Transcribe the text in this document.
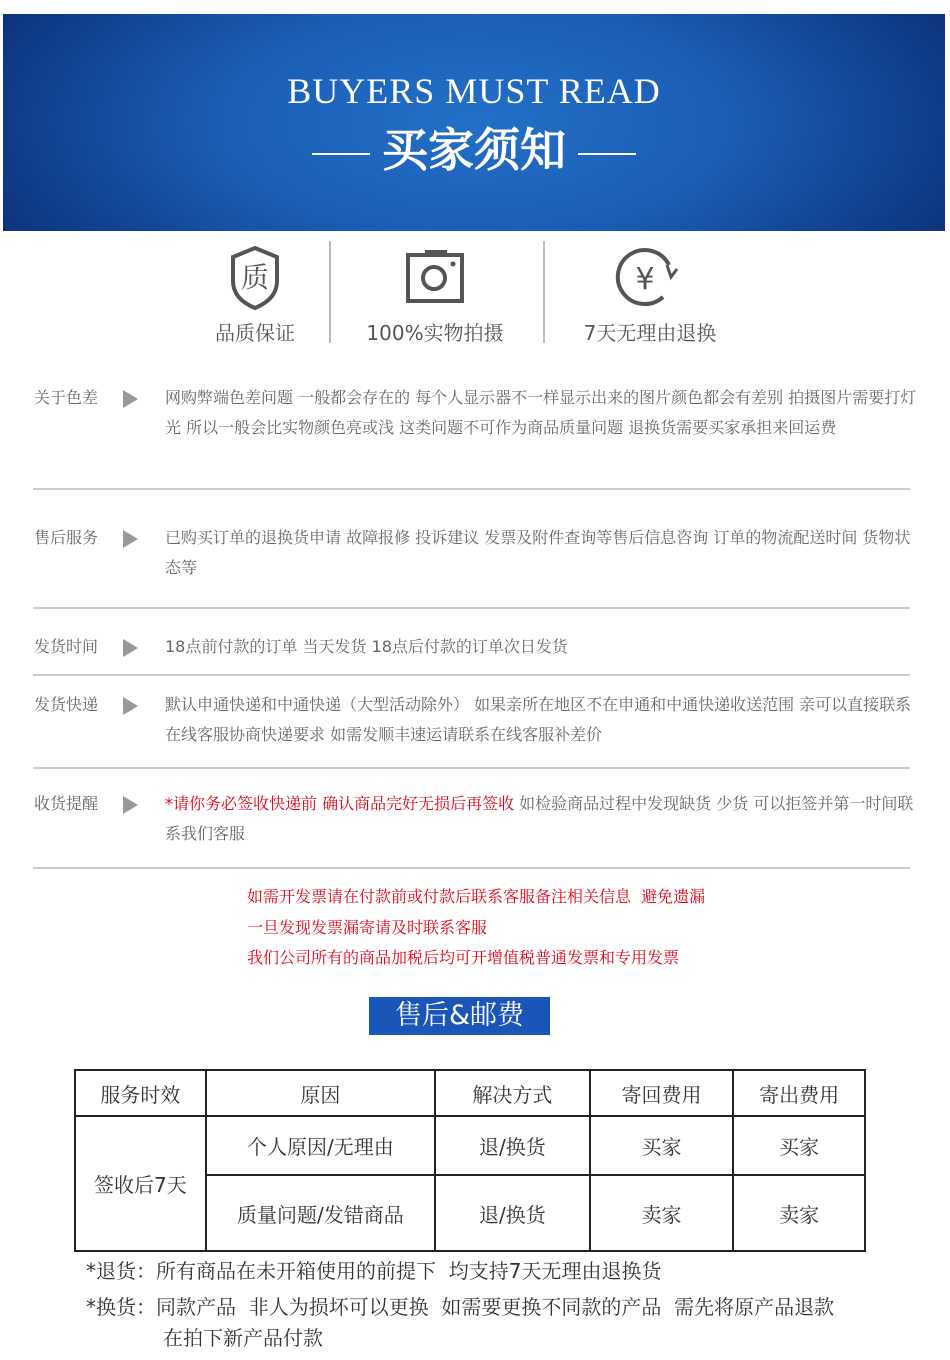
BUYERS MUST READ
买家须知
质
品质保证	100%实物拍摄
¥
7天无理由退换
关于色差	网购弊端色差问题 一般都会存在的 每个人显示器不一样显示出来的图片颜色都会有差别 拍摄图片需要打灯光 所以一般会比实物颜色亮或浅 这类问题不可作为商品质量问题 退换货需要买家承担来回运费
售后服务	已购买订单的退换货申请 故障报修 投诉建议 发票及附件查询等售后信息咨询 订单的物流配送时间 货物状态等
发货时间	18点前付款的订单 当天发货 18点后付款的订单次日发货
发货快递	默认申通快递和中通快递（大型活动除外） 如果亲所在地区不在申通和中通快递收送范围 亲可以直接联系在线客服协商快递要求 如需发顺丰速运请联系在线客服补差价
收货提醒	*请你务必签收快递前 确认商品完好无损后再签收 如检验商品过程中发现缺货 少货 可以拒签并第一时间联系我们客服
如需开发票请在付款前或付款后联系客服备注相关信息  避免遗漏
一旦发现发票漏寄请及时联系客服
我们公司所有的商品加税后均可开增值税普通发票和专用发票
售后&邮费
服务时效	原因	解决方式	寄回费用	寄出费用
签收后7天	个人原因/无理由	退/换货	买家	买家
	质量问题/发错商品	退/换货	卖家	卖家
*退货：所有商品在未开箱使用的前提下  均支持7天无理由退换货
*换货：同款产品  非人为损坏可以更换  如需要更换不同款的产品  需先将原产品退款
在拍下新产品付款
